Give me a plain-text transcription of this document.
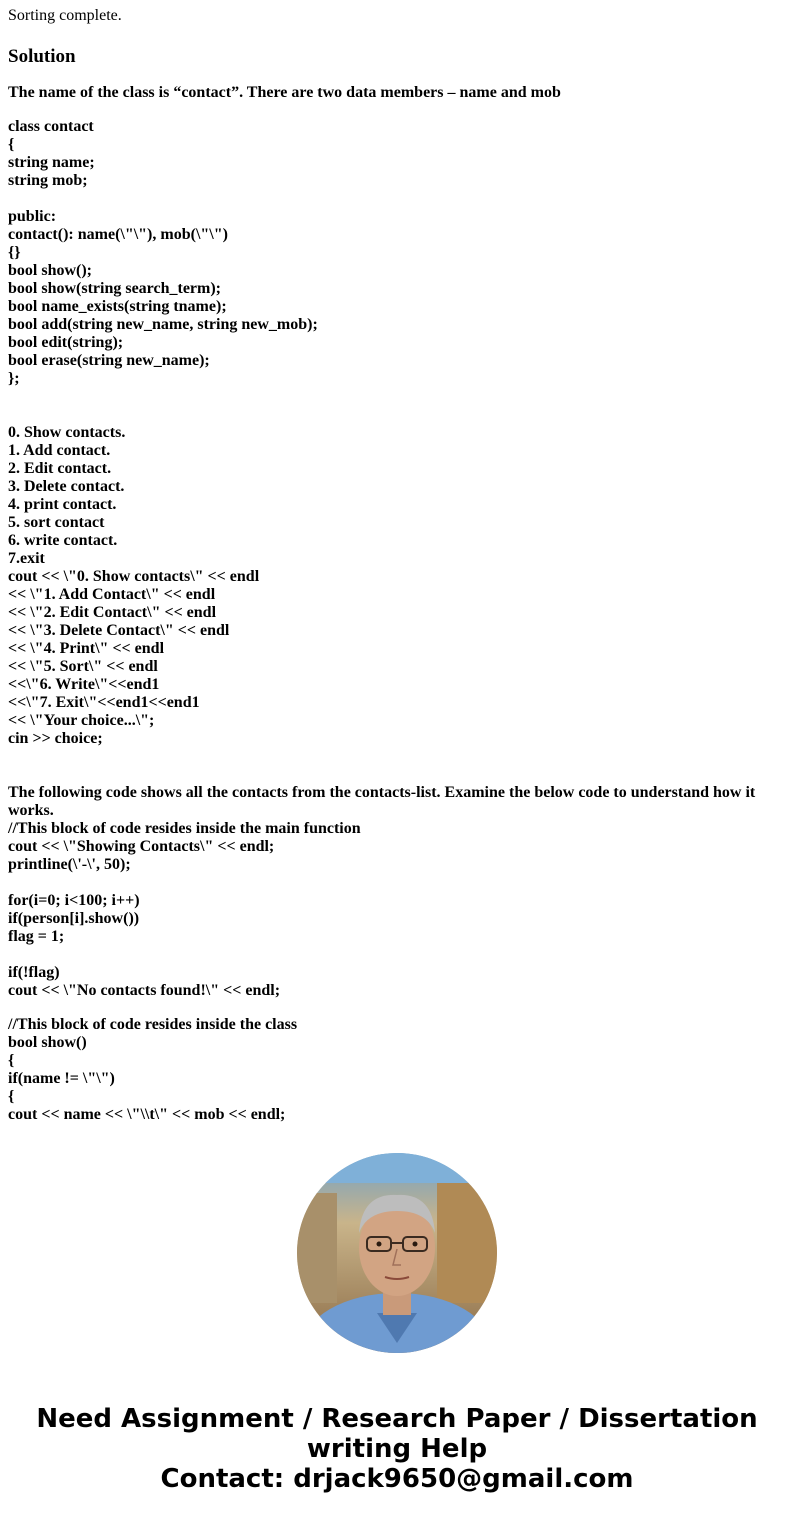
Sorting complete.

Solution

The name of the class is “contact”. There are two data members – name and mob

class contact
{
string name;
string mob;
public:
contact(): name(\"\"), mob(\"\")
{}
bool show();
bool show(string search_term);
bool name_exists(string tname);
bool add(string new_name, string new_mob);
bool edit(string);
bool erase(string new_name);
};
0. Show contacts.
1. Add contact.
2. Edit contact.
3. Delete contact.
4. print contact.
5. sort contact
6. write contact.
7.exit
cout << \"0. Show contacts\" << endl
<< \"1. Add Contact\" << endl
<< \"2. Edit Contact\" << endl
<< \"3. Delete Contact\" << endl
<< \"4. Print\" << endl
<< \"5. Sort\" << endl
<<\"6. Write\"<<end1
<<\"7. Exit\"<<end1<<end1
<< \"Your choice...\";
cin >> choice;
The following code shows all the contacts from the contacts-list. Examine the below code to understand how it works.
//This block of code resides inside the main function
cout << \"Showing Contacts\" << endl;
printline(\'-\', 50);
for(i=0; i<100; i++)
if(person[i].show())
flag = 1;
if(!flag)
cout << \"No contacts found!\" << endl;
//This block of code resides inside the class
bool show()
{
if(name != \"\")
{
cout << name << \"\\t\" << mob << endl;
Need Assignment / Research Paper / Dissertation
writing Help
Contact: drjack9650@gmail.com
